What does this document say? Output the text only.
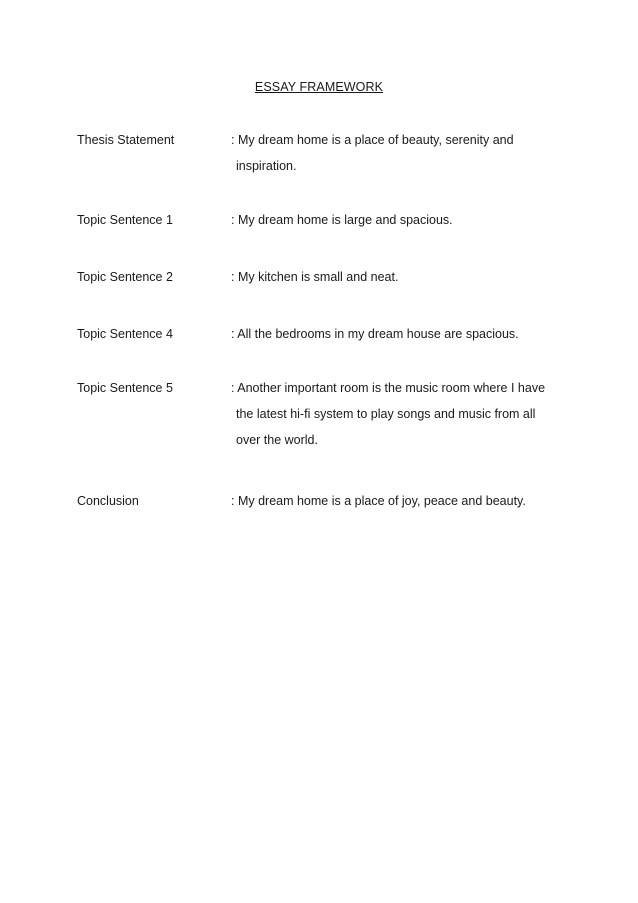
ESSAY FRAMEWORK
Thesis Statement	: My dream home is a place of beauty, serenity and
inspiration.
Topic Sentence 1	: My dream home is large and spacious.
Topic Sentence 2	: My kitchen is small and neat.
Topic Sentence 4	: All the bedrooms in my dream house are spacious.
Topic Sentence 5	: Another important room is the music room where I have
the latest hi-fi system to play songs and music from all
over the world.
Conclusion	: My dream home is a place of joy, peace and beauty.
